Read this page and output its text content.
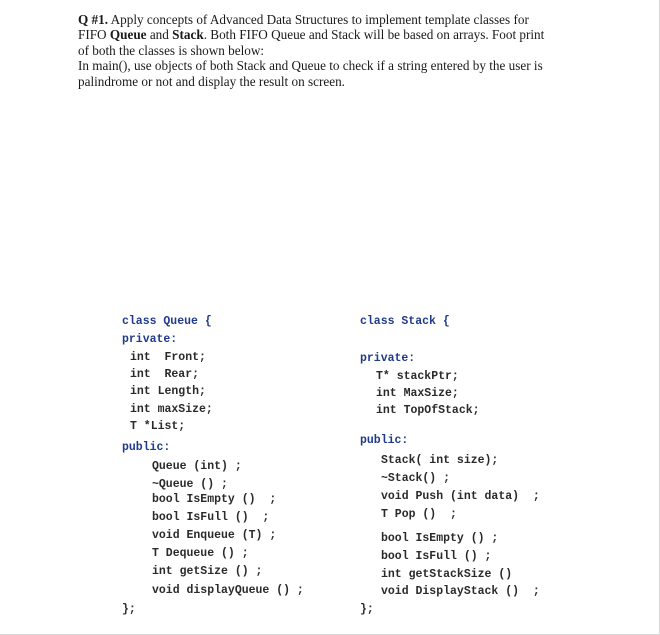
Q #1. Apply concepts of Advanced Data Structures to implement template classes for

FIFO Queue and Stack. Both FIFO Queue and Stack will be based on arrays. Foot print

of both the classes is shown below:

In main(), use objects of both Stack and Queue to check if a string entered by the user is

palindrome or not and display the result on screen.

class Queue {
private:
int  Front;
int  Rear;
int Length;
int maxSize;
T *List;
public:
Queue (int) ;
~Queue () ;
bool IsEmpty ()  ;
bool IsFull ()  ;
void Enqueue (T) ;
T Dequeue () ;
int getSize () ;
void displayQueue () ;
};
class Stack {
private:
T* stackPtr;
int MaxSize;
int TopOfStack;
public:
Stack( int size);
~Stack() ;
void Push (int data)  ;
T Pop ()  ;
bool IsEmpty () ;
bool IsFull () ;
int getStackSize ()
void DisplayStack ()  ;
};
